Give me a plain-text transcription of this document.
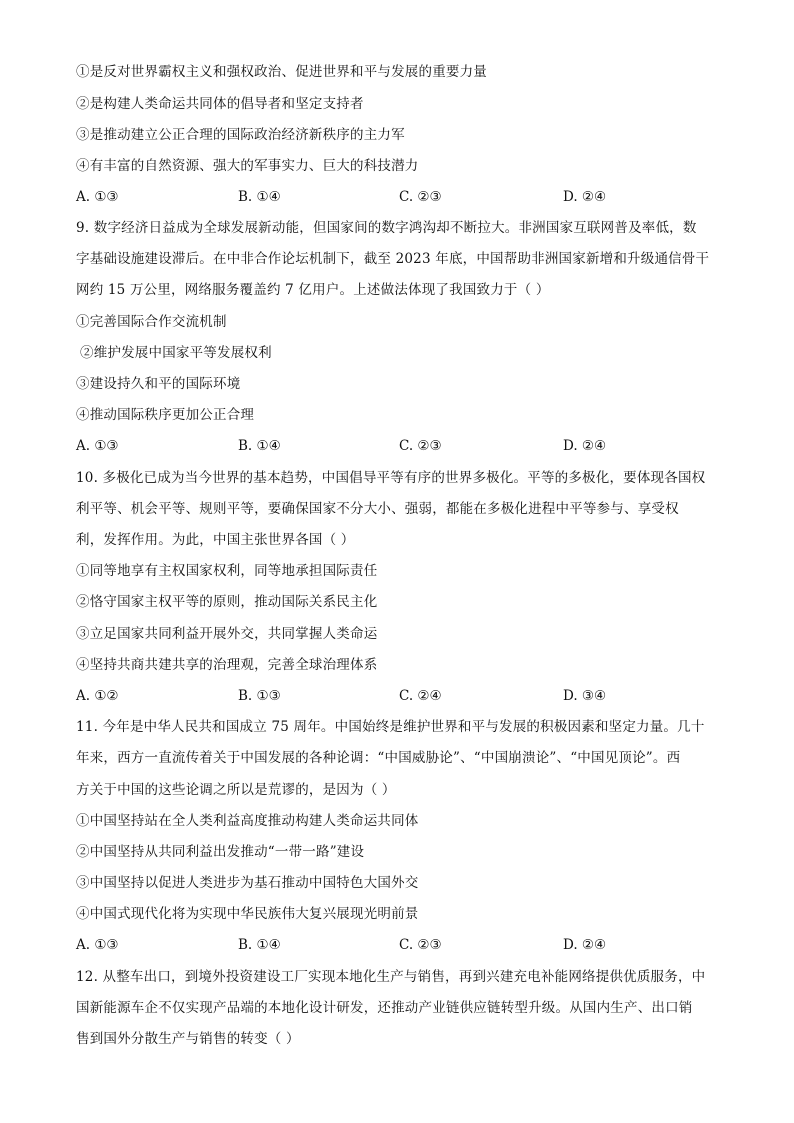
①是反对世界霸权主义和强权政治、促进世界和平与发展的重要力量
②是构建人类命运共同体的倡导者和坚定支持者
③是推动建立公正合理的国际政治经济新秩序的主力军
④有丰富的自然资源、强大的军事实力、巨大的科技潜力
A. ①③	B. ①④	C. ②③	D. ②④
9. 数字经济日益成为全球发展新动能，但国家间的数字鸿沟却不断拉大。非洲国家互联网普及率低，数
字基础设施建设滞后。在中非合作论坛机制下，截至 2023 年底，中国帮助非洲国家新增和升级通信骨干
网约 15 万公里，网络服务覆盖约 7 亿用户。上述做法体现了我国致力于（ ）
①完善国际合作交流机制
②维护发展中国家平等发展权利
③建设持久和平的国际环境
④推动国际秩序更加公正合理
A. ①③	B. ①④	C. ②③	D. ②④
10. 多极化已成为当今世界的基本趋势，中国倡导平等有序的世界多极化。平等的多极化，要体现各国权
利平等、机会平等、规则平等，要确保国家不分大小、强弱，都能在多极化进程中平等参与、享受权
利，发挥作用。为此，中国主张世界各国（ ）
①同等地享有主权国家权利，同等地承担国际责任
②恪守国家主权平等的原则，推动国际关系民主化
③立足国家共同利益开展外交，共同掌握人类命运
④坚持共商共建共享的治理观，完善全球治理体系
A. ①②	B. ①③	C. ②④	D. ③④
11. 今年是中华人民共和国成立 75 周年。中国始终是维护世界和平与发展的积极因素和坚定力量。几十
年来，西方一直流传着关于中国发展的各种论调：“中国威胁论”、“中国崩溃论”、“中国见顶论”。西
方关于中国的这些论调之所以是荒谬的，是因为（ ）
①中国坚持站在全人类利益高度推动构建人类命运共同体
②中国坚持从共同利益出发推动“一带一路”建设
③中国坚持以促进人类进步为基石推动中国特色大国外交
④中国式现代化将为实现中华民族伟大复兴展现光明前景
A. ①③	B. ①④	C. ②③	D. ②④
12. 从整车出口，到境外投资建设工厂实现本地化生产与销售，再到兴建充电补能网络提供优质服务，中
国新能源车企不仅实现产品端的本地化设计研发，还推动产业链供应链转型升级。从国内生产、出口销
售到国外分散生产与销售的转变（ ）
